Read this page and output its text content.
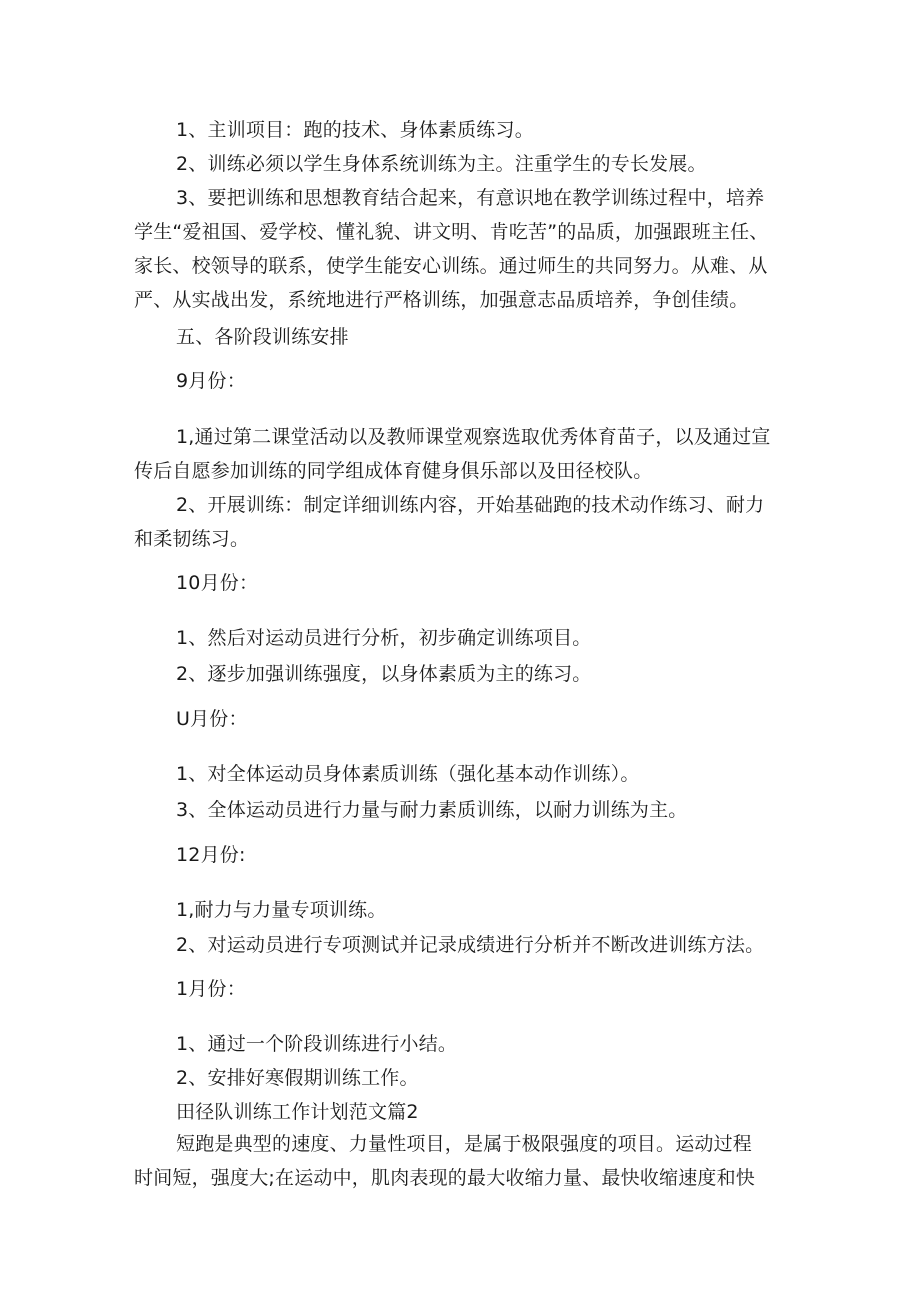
1、主训项目：跑的技术、身体素质练习。
2、训练必须以学生身体系统训练为主。注重学生的专长发展。
3、要把训练和思想教育结合起来，有意识地在教学训练过程中，培养
学生“爱祖国、爱学校、懂礼貌、讲文明、肯吃苦”的品质，加强跟班主任、
家长、校领导的联系，使学生能安心训练。通过师生的共同努力。从难、从
严、从实战出发，系统地进行严格训练，加强意志品质培养，争创佳绩。
五、各阶段训练安排
9月份：
1,通过第二课堂活动以及教师课堂观察选取优秀体育苗子，以及通过宣
传后自愿参加训练的同学组成体育健身俱乐部以及田径校队。
2、开展训练：制定详细训练内容，开始基础跑的技术动作练习、耐力
和柔韧练习。
10月份：
1、然后对运动员进行分析，初步确定训练项目。
2、逐步加强训练强度，以身体素质为主的练习。
U月份：
1、对全体运动员身体素质训练（强化基本动作训练）。
3、全体运动员进行力量与耐力素质训练，以耐力训练为主。
12月份:
1,耐力与力量专项训练。
2、对运动员进行专项测试并记录成绩进行分析并不断改进训练方法。
1月份：
1、通过一个阶段训练进行小结。
2、安排好寒假期训练工作。
田径队训练工作计划范文篇2
短跑是典型的速度、力量性项目，是属于极限强度的项目。运动过程
时间短，强度大;在运动中，肌肉表现的最大收缩力量、最快收缩速度和快
